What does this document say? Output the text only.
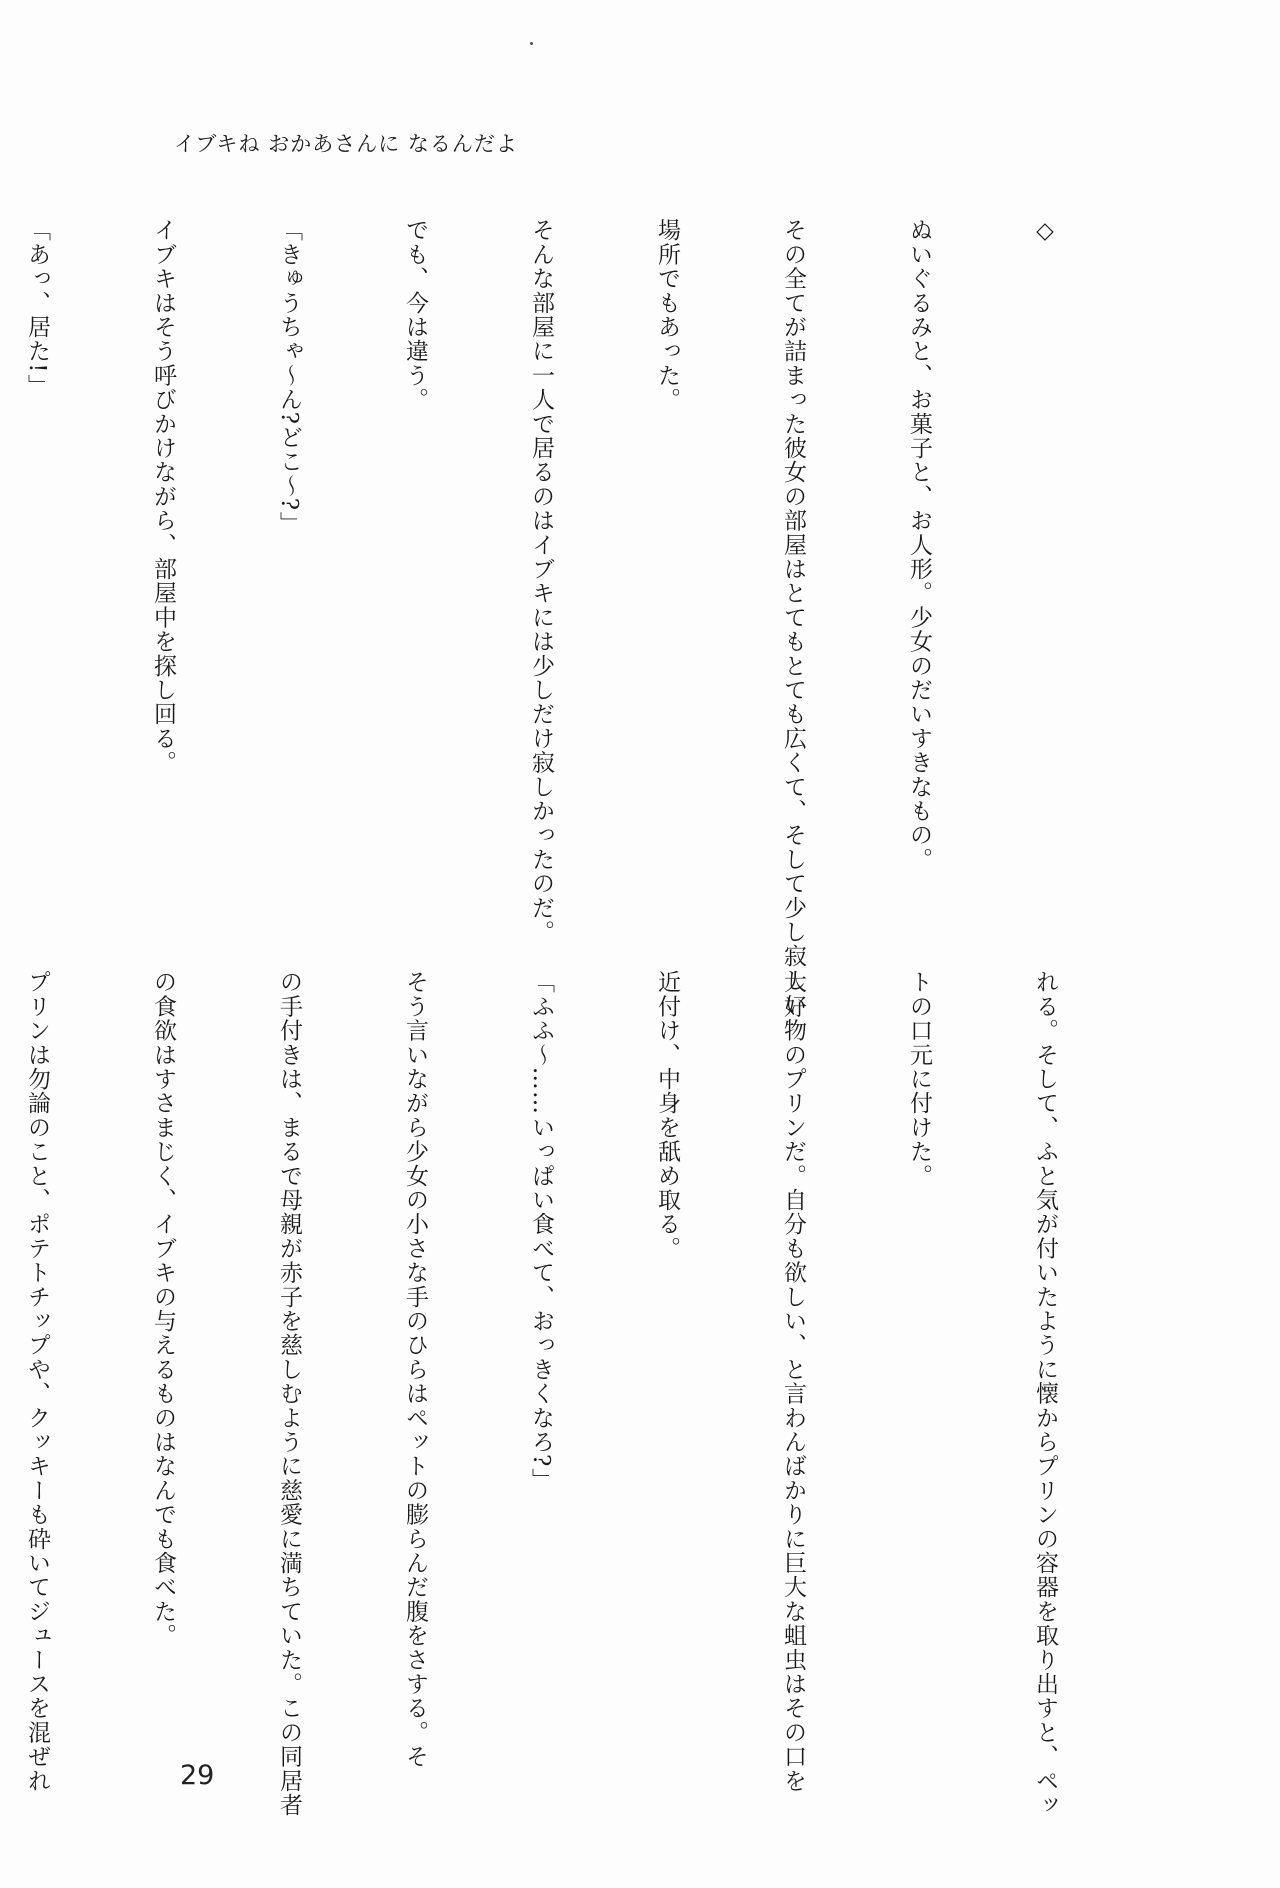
イブキね おかあさんに なるんだよ

◇

ぬいぐるみと、お菓子と、お人形。少女のだいすきなもの。

その全てが詰まった彼女の部屋はとてもとても広くて、そして少し寂しい

場所でもあった。

そんな部屋に一人で居るのはイブキには少しだけ寂しかったのだ。

でも、今は違う。

「きゅうちゃ〜ん?どこ〜?」

イブキはそう呼びかけながら、部屋中を探し回る。

「あっ、居た!」

れる。そして、ふと気が付いたように懐からプリンの容器を取り出すと、ペッ

トの口元に付けた。

大好物のプリンだ。自分も欲しい、と言わんばかりに巨大な蛆虫はその口を

近付け、中身を舐め取る。

「ふふ〜……いっぱい食べて、おっきくなろ?」

そう言いながら少女の小さな手のひらはペットの膨らんだ腹をさする。そ

の手付きは、まるで母親が赤子を慈しむように慈愛に満ちていた。この同居者

の食欲はすさまじく、イブキの与えるものはなんでも食べた。

プリンは勿論のこと、ポテトチップや、クッキーも砕いてジュースを混ぜれ

	29
